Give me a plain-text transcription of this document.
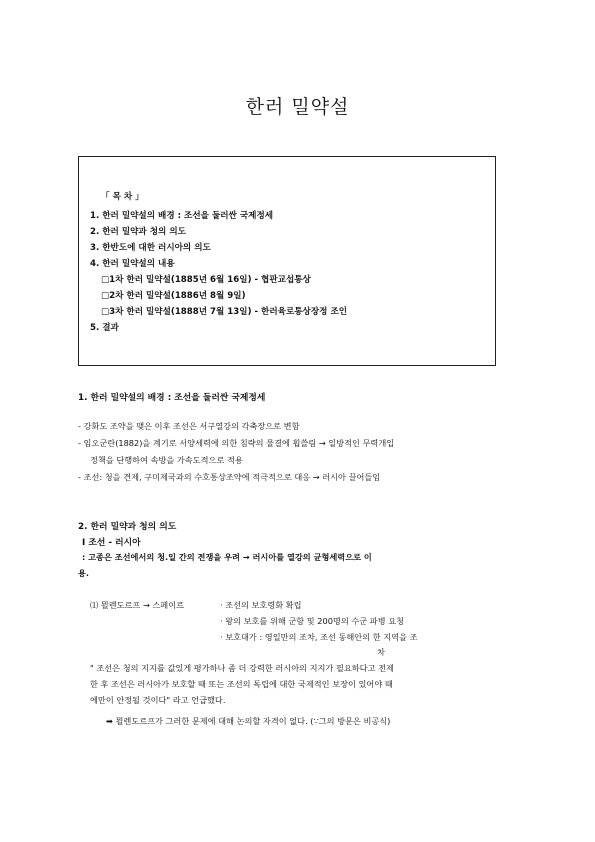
한러 밀약설
「 목 차 」
1. 한러 밀약설의 배경 : 조선을 둘러싼 국제정세
2. 한러 밀약과 청의 의도
3. 한반도에 대한 러시아의 의도
4. 한러 밀약설의 내용
□1차 한러 밀약설(1885년 6월 16일) - 협판교섭통상
□2차 한러 밀약설(1886년 8월 9일)
□3차 한러 밀약설(1888년 7월 13일) - 한러육로통상장정 조인
5. 결과
1. 한러 밀약설의 배경 : 조선을 둘러싼 국제정세
- 강화도 조약을 맺은 이후 조선은 서구열강의 각축장으로 변함
- 임오군란(1882)을 계기로 서양세력에 의한 침략의 물결에 휩쓸림 → 일방적인 무력개입
정책을 단행하여 속방을 가속도적으로 적용
- 조선: 청을 견제, 구미제국과의 수호통상조약에 적극적으로 대응 → 러시아 끌어들임
2. 한러 밀약과 청의 의도
Ⅰ 조선 - 러시아
: 고종은 조선에서의 청.일 간의 전쟁을 우려 → 러시아를 열강의 균형세력으로 이
용.
⑴ 묄렌도르프 → 스페이르	· 조선의 보호령화 확립
· 왕의 보호를 위해 군함 및 200명의 수군 파병 요청
· 보호대가 : 영일만의 조차, 조선 동해안의 한 지역을 조
차
" 조선은 청의 지지를 값있게 평가하나 좀 더 강력한 러시아의 지지가 필요하다고 전제
한 후 조선은 러시아가 보호할 때 또는 조선의 독립에 대한 국제적인 보장이 있어야 때
에만이 안정될 것이다" 라고 언급했다.
➡ 묄렌도르프가 그러한 문제에 대해 논의할 자격이 없다. (∵그의 방문은 비공식)
